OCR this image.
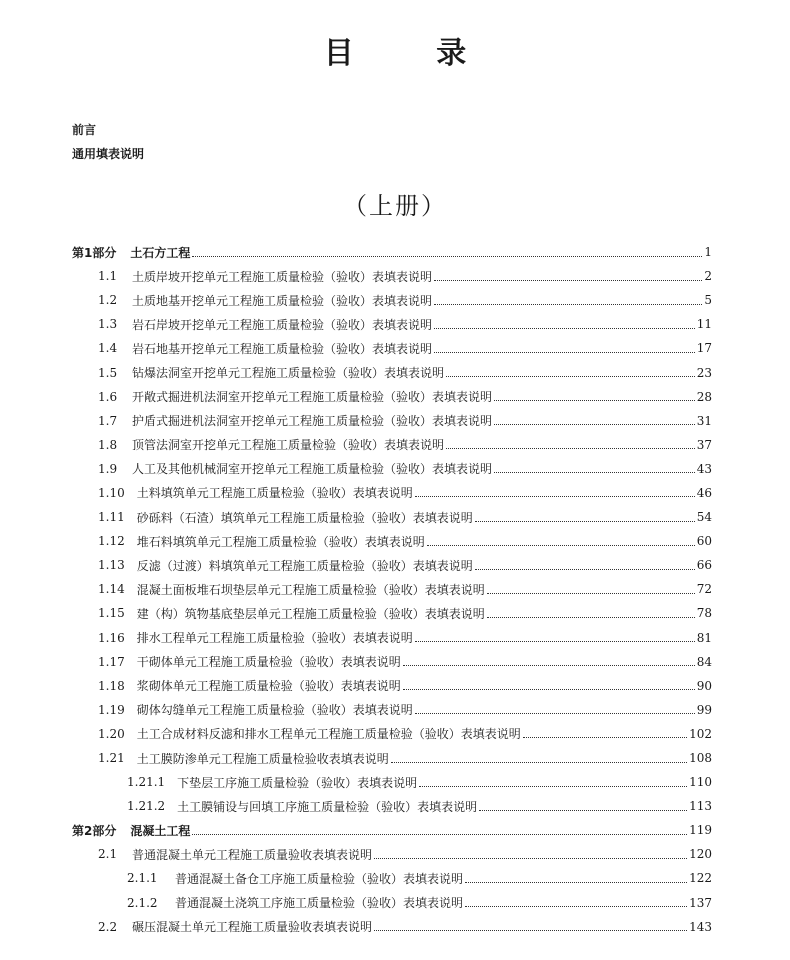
目 录
前言
通用填表说明
（上册）
第1部分 土石方工程	1
1.1 土质岸坡开挖单元工程施工质量检验（验收）表填表说明	2
1.2 土质地基开挖单元工程施工质量检验（验收）表填表说明	5
1.3 岩石岸坡开挖单元工程施工质量检验（验收）表填表说明	11
1.4 岩石地基开挖单元工程施工质量检验（验收）表填表说明	17
1.5 钻爆法洞室开挖单元工程施工质量检验（验收）表填表说明	23
1.6 开敞式掘进机法洞室开挖单元工程施工质量检验（验收）表填表说明	28
1.7 护盾式掘进机法洞室开挖单元工程施工质量检验（验收）表填表说明	31
1.8 顶管法洞室开挖单元工程施工质量检验（验收）表填表说明	37
1.9 人工及其他机械洞室开挖单元工程施工质量检验（验收）表填表说明	43
1.10 土料填筑单元工程施工质量检验（验收）表填表说明	46
1.11 砂砾料（石渣）填筑单元工程施工质量检验（验收）表填表说明	54
1.12 堆石料填筑单元工程施工质量检验（验收）表填表说明	60
1.13 反滤（过渡）料填筑单元工程施工质量检验（验收）表填表说明	66
1.14 混凝土面板堆石坝垫层单元工程施工质量检验（验收）表填表说明	72
1.15 建（构）筑物基底垫层单元工程施工质量检验（验收）表填表说明	78
1.16 排水工程单元工程施工质量检验（验收）表填表说明	81
1.17 干砌体单元工程施工质量检验（验收）表填表说明	84
1.18 浆砌体单元工程施工质量检验（验收）表填表说明	90
1.19 砌体勾缝单元工程施工质量检验（验收）表填表说明	99
1.20 土工合成材料反滤和排水工程单元工程施工质量检验（验收）表填表说明	102
1.21 土工膜防渗单元工程施工质量检验收表填表说明	108
1.21.1 下垫层工序施工质量检验（验收）表填表说明	110
1.21.2 土工膜铺设与回填工序施工质量检验（验收）表填表说明	113
第2部分 混凝土工程	119
2.1 普通混凝土单元工程施工质量验收表填表说明	120
2.1.1	普通混凝土备仓工序施工质量检验（验收）表填表说明	122
2.1.2	普通混凝土浇筑工序施工质量检验（验收）表填表说明	137
2.2 碾压混凝土单元工程施工质量验收表填表说明	143
